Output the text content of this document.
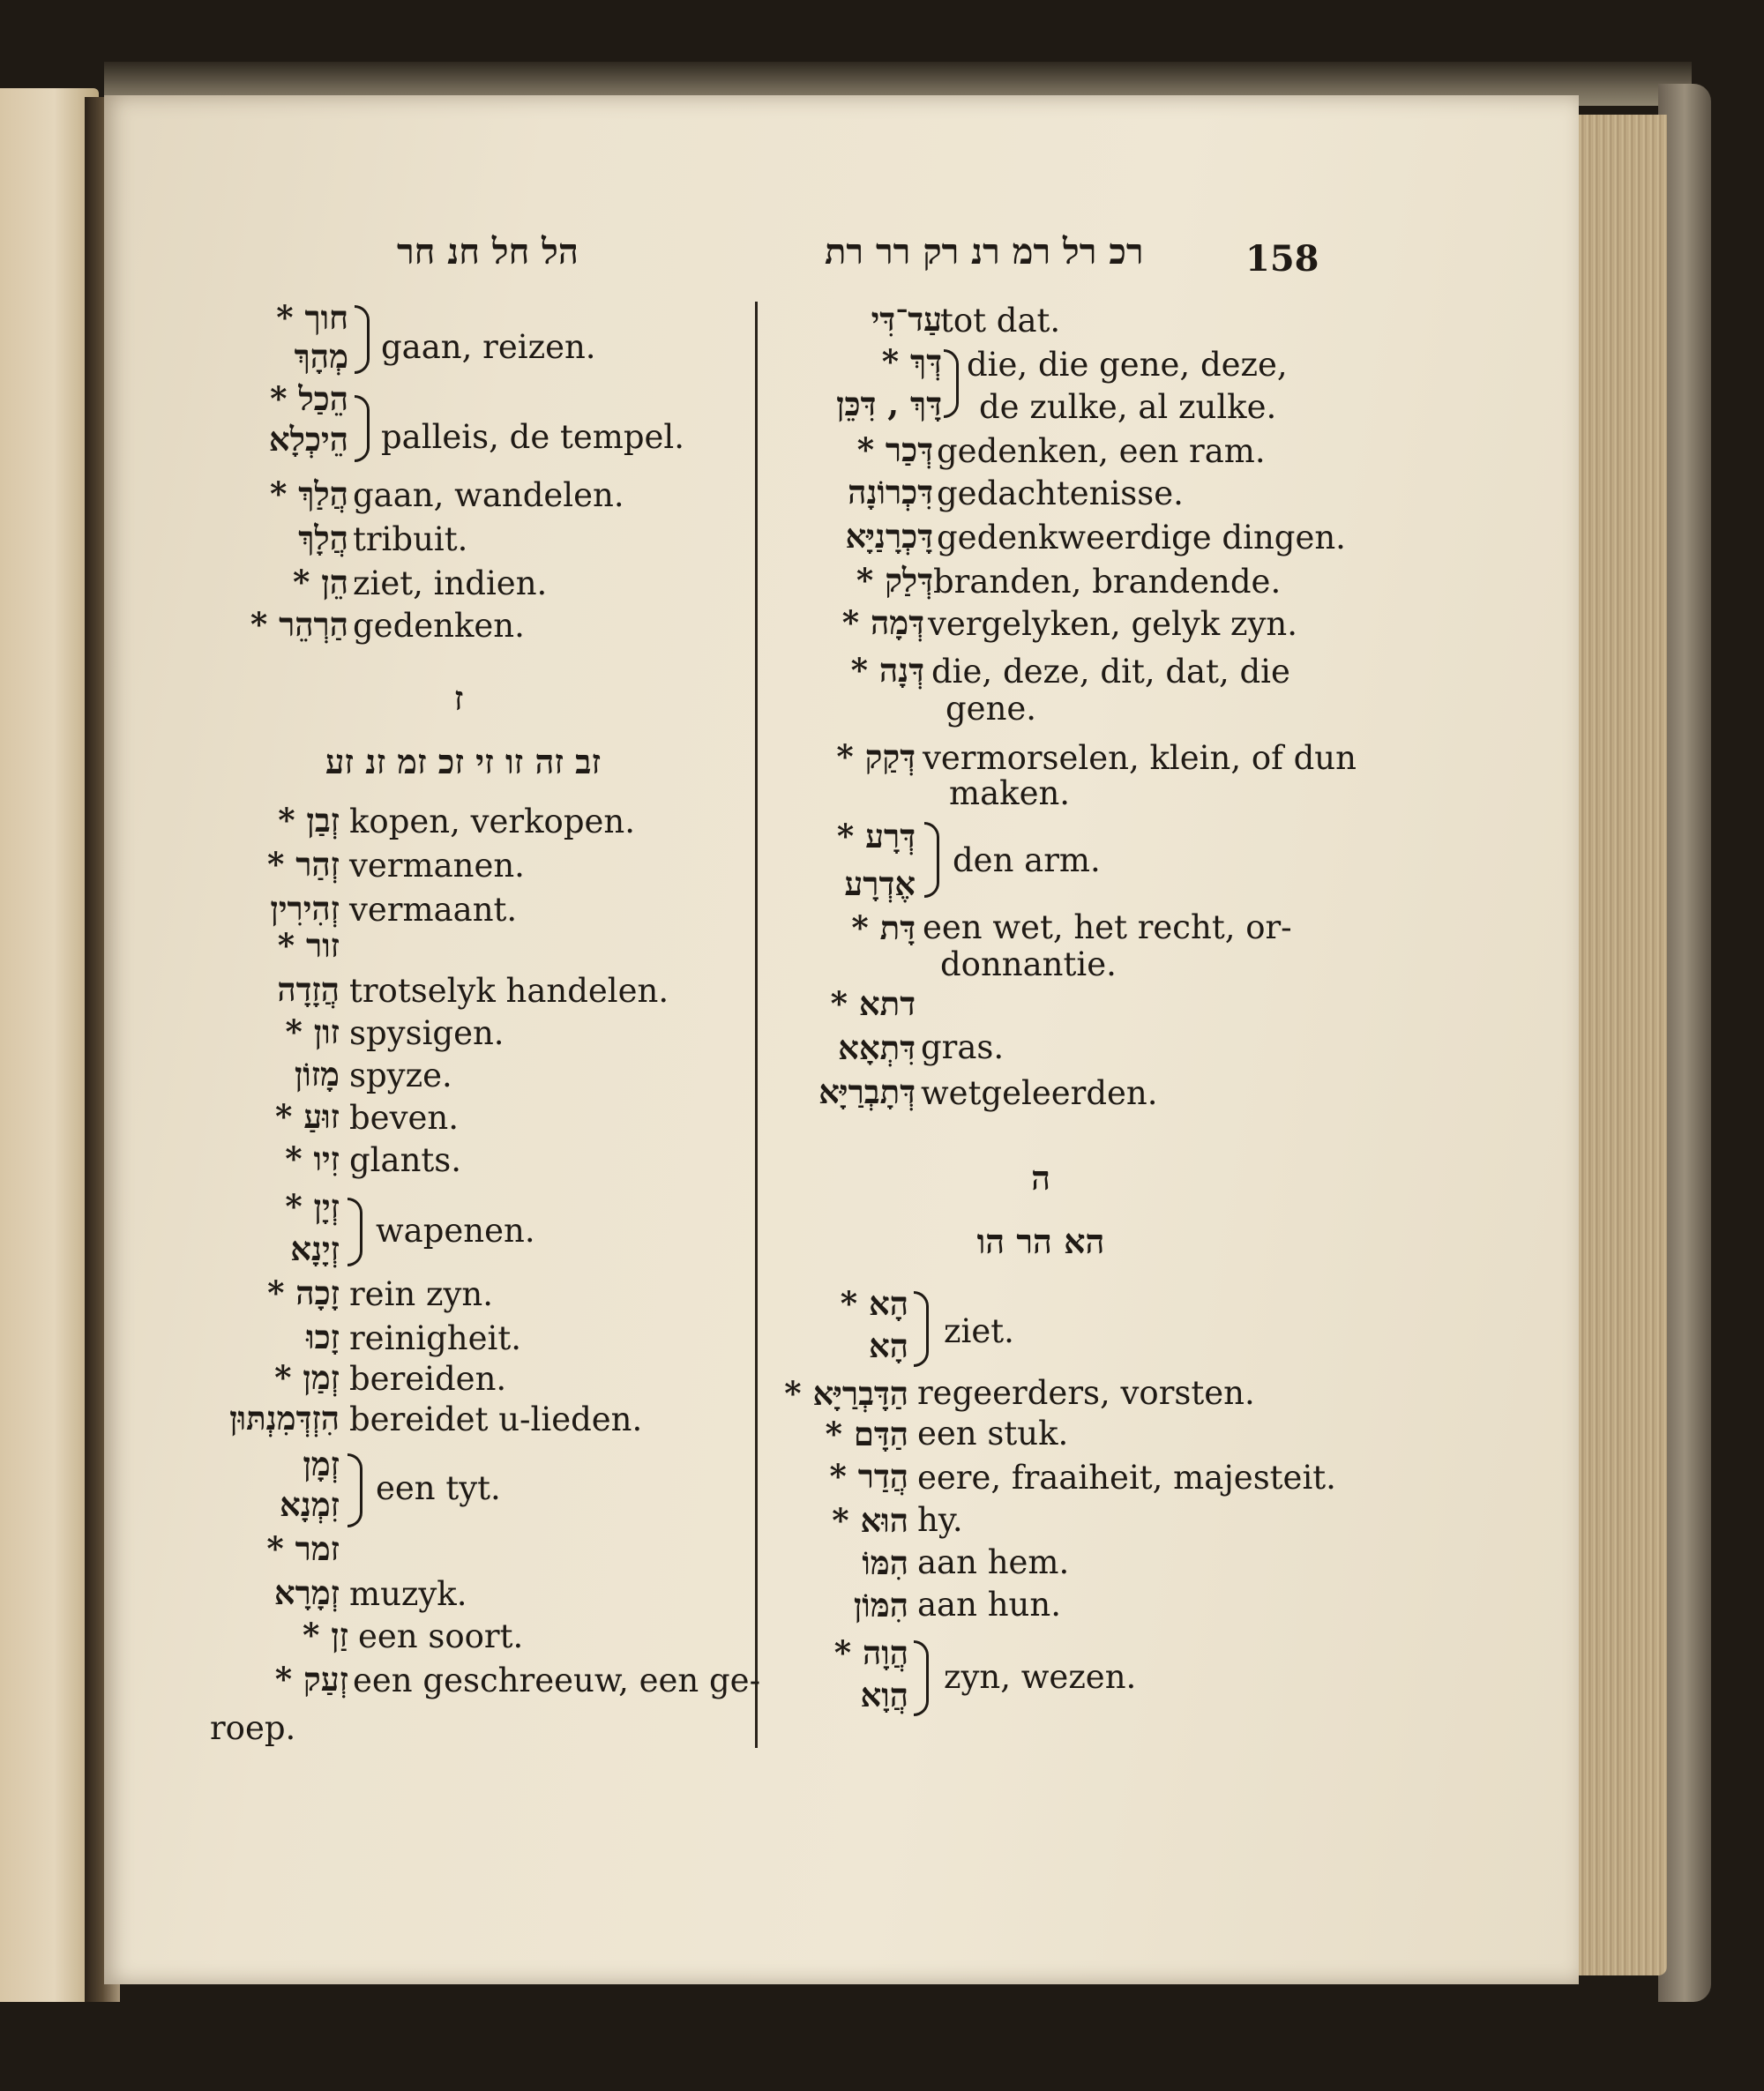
הל חל חנ חר	רכ רל רמ רנ רק רר רת	158
חוך *
מְהָךְ gaan, reizen.
הֵכַל *
הֵיכְלָא palleis, de tempel.
הֲלַךְ * gaan, wandelen.
הֲלָךְ tribuit.
הֵן * ziet, indien.
הַרְהֵר * gedenken.
ז
זב זה זו זי זכ זמ זנ זע
זְבַן * kopen, verkopen.
זְהַר * vermanen.
זְהִירִין vermaant.
זור *
הֲזָדָה trotselyk handelen.
זון * spysigen.
מָזוֹן spyze.
זוּעַ * beven.
זִיו * glants.
זְיָן *
זְיָנָא wapenen.
זָכָה * rein zyn.
זָכוּ reinigheit.
זְמַן * bereiden.
הִזְדְּמִנְתּוּן bereidet u-lieden.
זְמָן
זִמְנָא een tyt.
זמר *
זְמָרָא muzyk.
זַן * een soort.
זְעַק * een geschreeuw, een ge-
roep.
עַד־דִּי
tot dat.
דְּךְ *
דָּךְ , דִּכֵּן
die, die gene, deze,
de zulke, al zulke.
דְּכַר * gedenken, een ram.
דִּכְרוֹנָה gedachtenisse.
דָּכְרָנַיָּא gedenkweerdige dingen.
דְּלַק * branden, brandende.
דְּמָה * vergelyken, gelyk zyn.
דְּנָה * die, deze, dit, dat, die
gene.
דְּקַק * vermorselen, klein, of dun
maken.
דְּרָע *
אֶדְרָע
den arm.
דָּת * een wet, het recht, or-
donnantie.
דתא *
דִּתְאָא gras.
דְּתָבְרַיָּא wetgeleerden.
ה
הא הר הו
הָא *
הָא ziet.
הַדָּבְרַיָּא * regeerders, vorsten.
הַדָּם * een stuk.
הֲדַר * eere, fraaiheit, majesteit.
הוּא * hy.
הִמּוֹ aan hem.
הִמּוֹן aan hun.
הֲוָה *
הֲוָא zyn, wezen.
